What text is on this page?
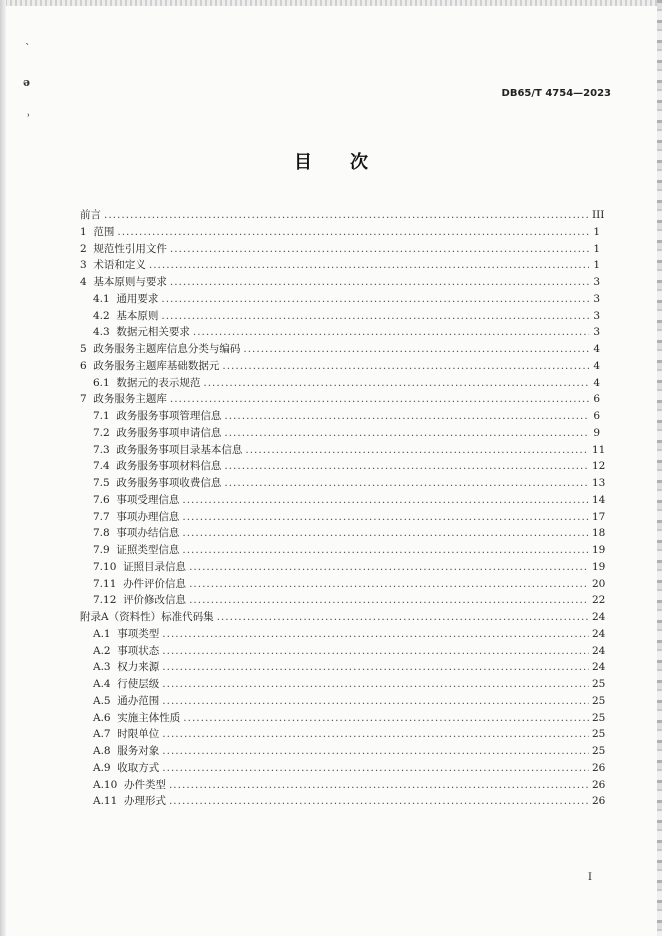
`
ə
ʾ
DB65/T 4754—2023
目 次
前言 .....	III
1 范围 .....	1
2 规范性引用文件 .....	1
3 术语和定义 .....	1
4 基本原则与要求 .....	3
4.1 通用要求 .....	3
4.2 基本原则 .....	3
4.3 数据元相关要求 .....	3
5 政务服务主题库信息分类与编码 .....	4
6 政务服务主题库基础数据元 .....	4
6.1 数据元的表示规范 .....	4
7 政务服务主题库 .....	6
7.1 政务服务事项管理信息 .....	6
7.2 政务服务事项申请信息 .....	9
7.3 政务服务事项目录基本信息 .....	11
7.4 政务服务事项材料信息 .....	12
7.5 政务服务事项收费信息 .....	13
7.6 事项受理信息 .....	14
7.7 事项办理信息 .....	17
7.8 事项办结信息 .....	18
7.9 证照类型信息 .....	19
7.10 证照目录信息 .....	19
7.11 办件评价信息 .....	20
7.12 评价修改信息 .....	22
附录A（资料性）标准代码集 .....	24
A.1 事项类型 .....	24
A.2 事项状态 .....	24
A.3 权力来源 .....	24
A.4 行使层级 .....	25
A.5 通办范围 .....	25
A.6 实施主体性质 .....	25
A.7 时限单位 .....	25
A.8 服务对象 .....	25
A.9 收取方式 .....	26
A.10 办件类型 .....	26
A.11 办理形式 .....	26
I
